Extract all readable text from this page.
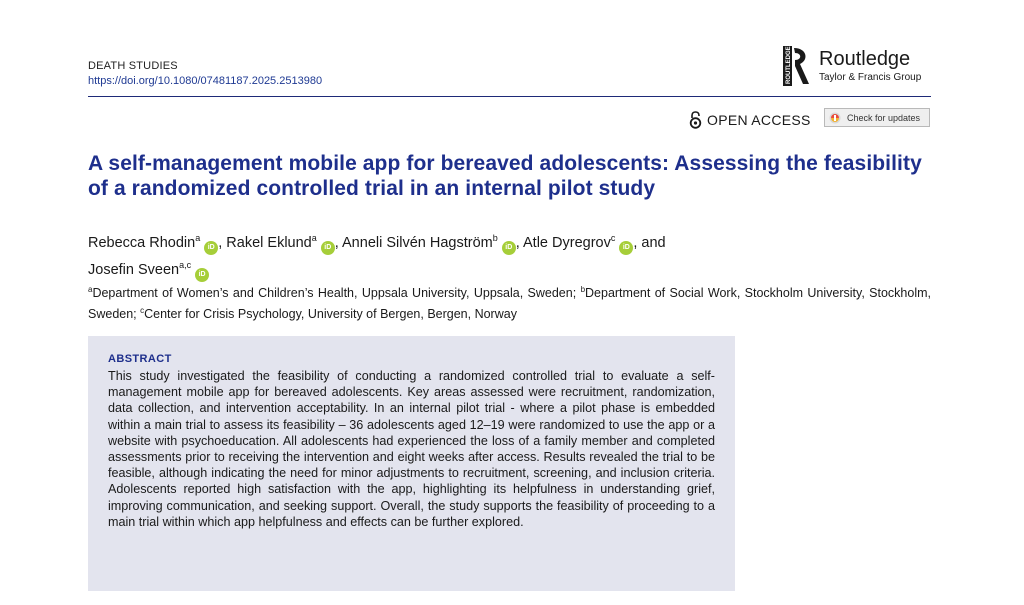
DEATH STUDIES
https://doi.org/10.1080/07481187.2025.2513980	ROUTLEDGE Routledge
Taylor & Francis Group
OPEN ACCESS	Check for updates
A self-management mobile app for bereaved adolescents: Assessing the feasibility of a randomized controlled trial in an internal pilot study
Rebecca Rhodin$^a$iD , Rakel Eklund$^a$iD , Anneli Silvén Hagström$^b$iD , Atle Dyregrov$^c$iD , and
Josefin Sveen$^{a,c}$iD
$^a$Department of Women’s and Children’s Health, Uppsala University, Uppsala, Sweden; $^b$Department of Social Work, Stockholm University, Stockholm, Sweden; $^c$Center for Crisis Psychology, University of Bergen, Bergen, Norway
ABSTRACT
This study investigated the feasibility of conducting a randomized controlled trial to evaluate a self-management mobile app for bereaved adolescents. Key areas assessed were recruitment, randomization, data collection, and intervention acceptability. In an internal pilot trial - where a pilot phase is embedded within a main trial to assess its feasibility – 36 adolescents aged 12–19 were randomized to use the app or a website with psychoeducation. All adolescents had experienced the loss of a family member and completed assessments prior to receiving the intervention and eight weeks after access. Results revealed the trial to be feasible, although indicating the need for minor adjustments to recruitment, screening, and inclusion criteria. Adolescents reported high satisfaction with the app, highlighting its helpfulness in understanding grief, improving communication, and seeking support. Overall, the study supports the feasibility of proceeding to a main trial within which app helpfulness and effects can be further explored.
